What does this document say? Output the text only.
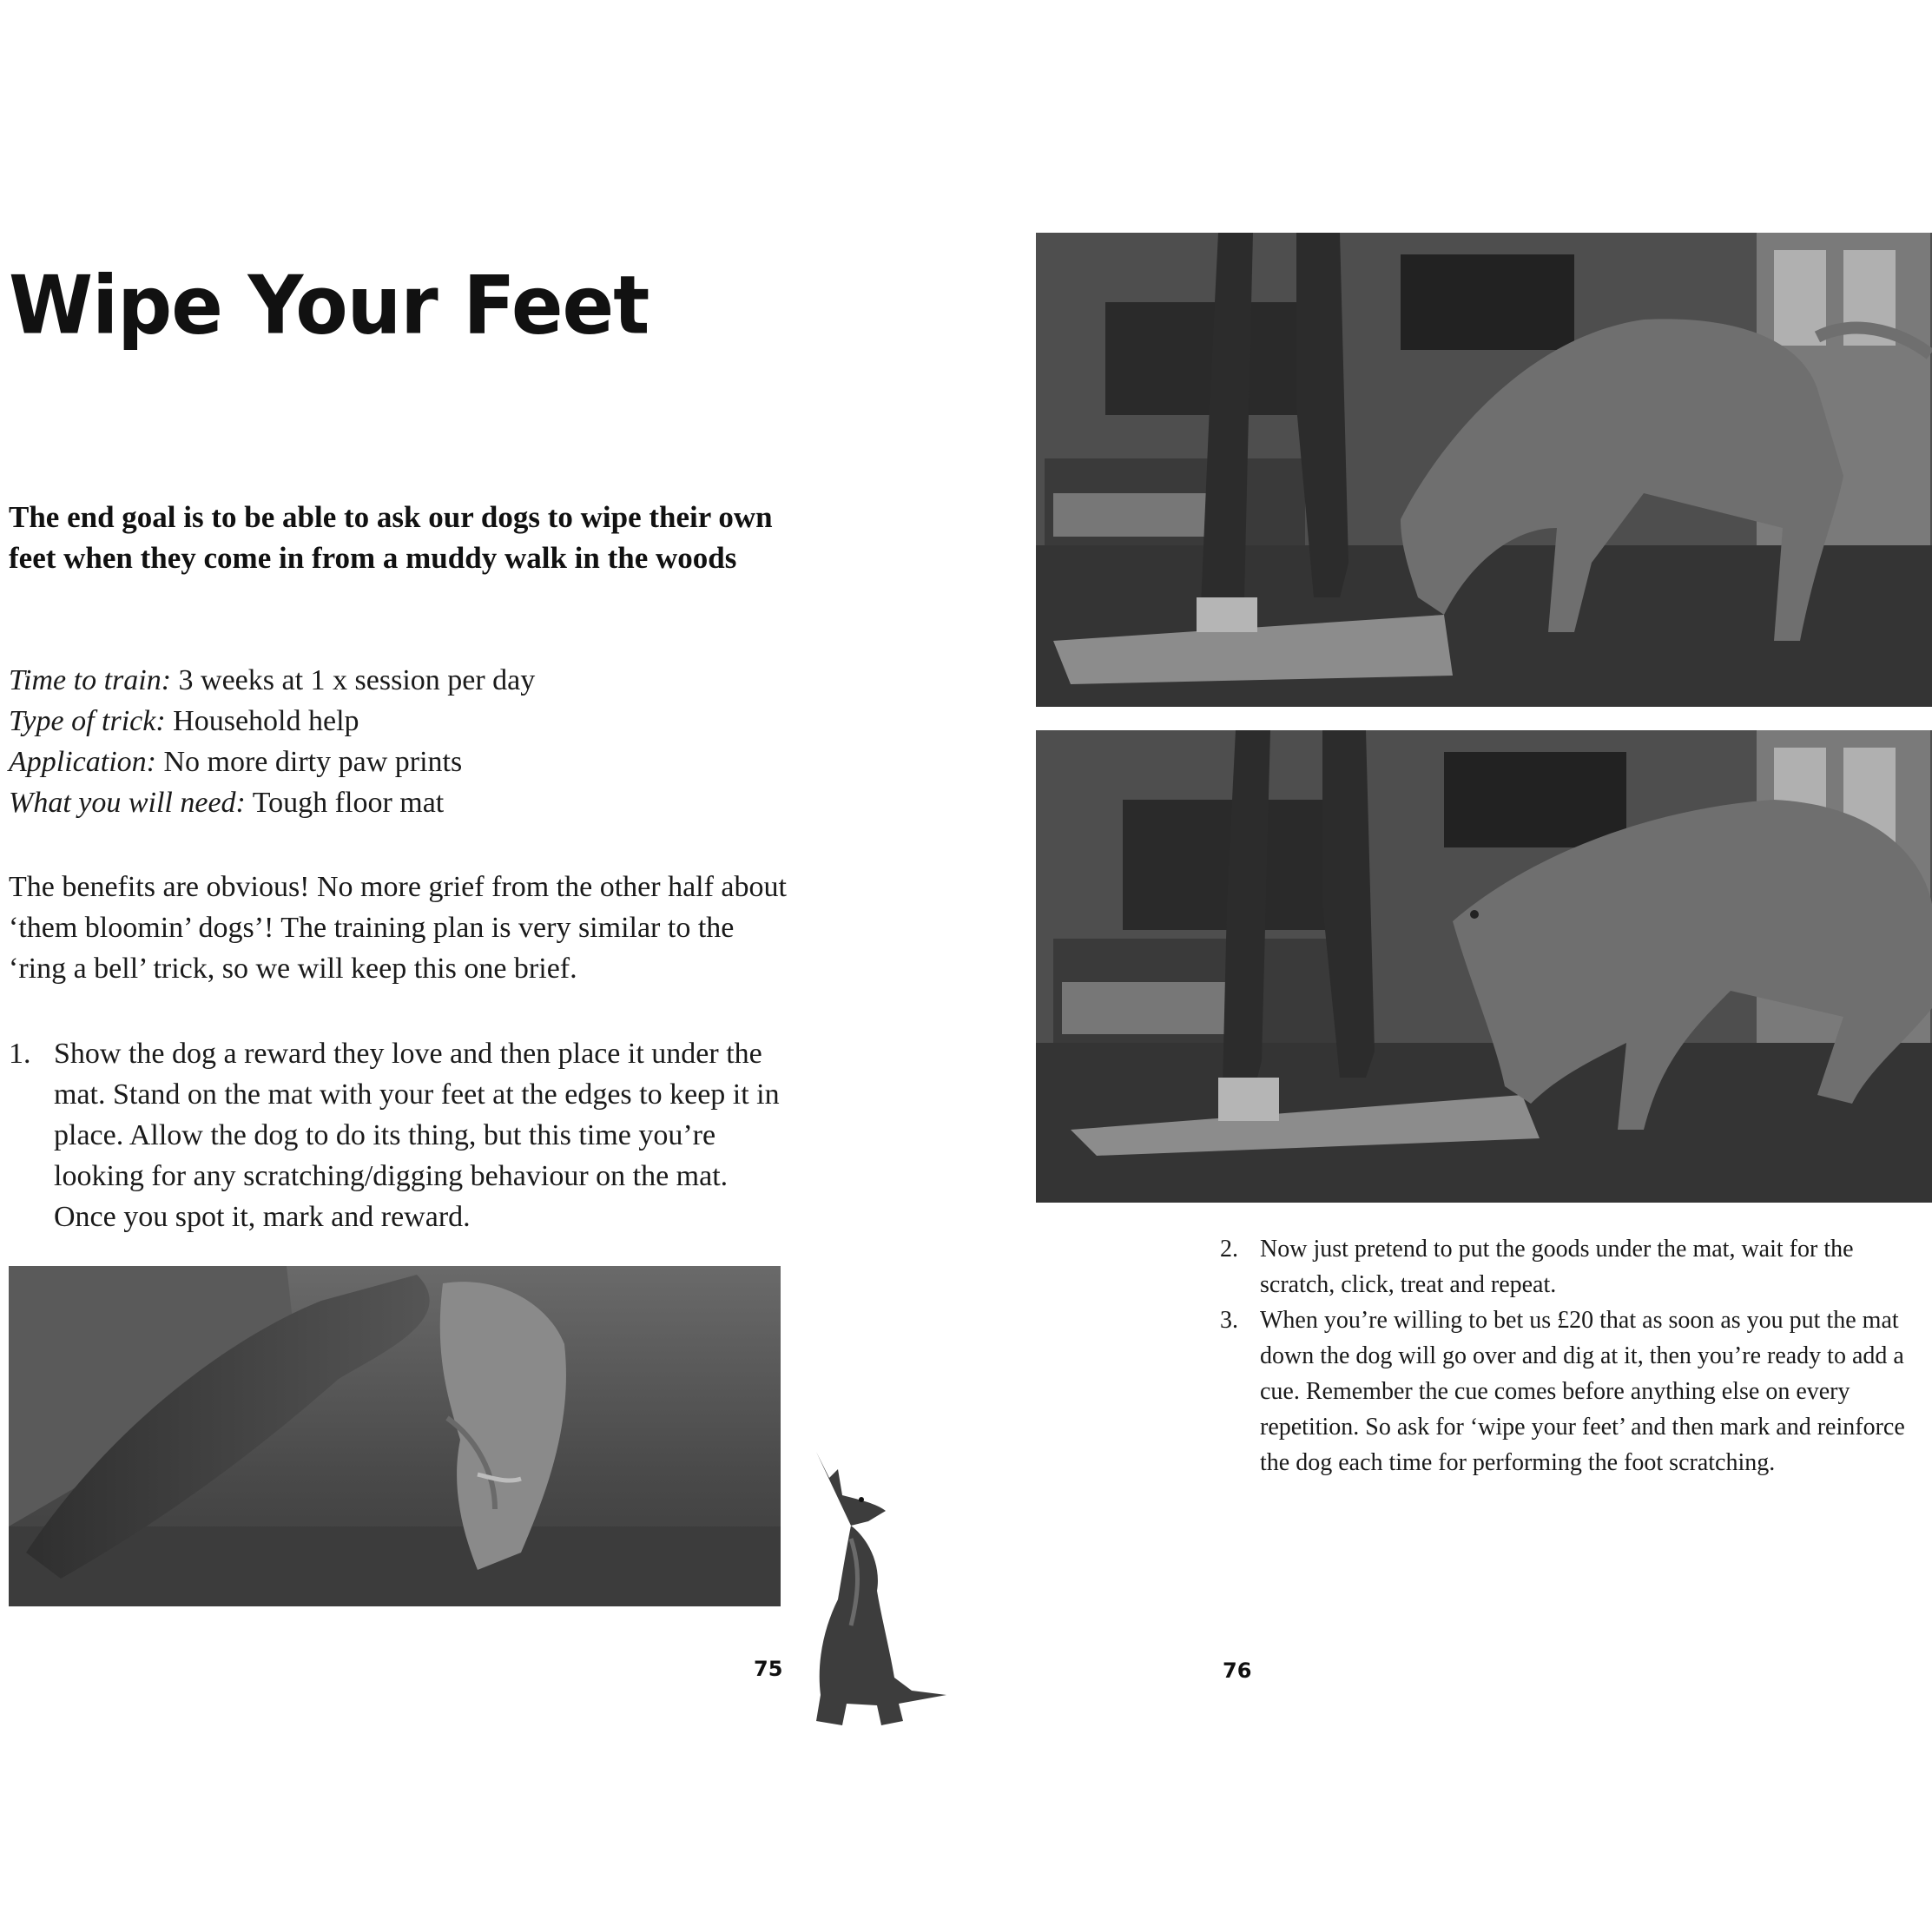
Wipe Your Feet
The end goal is to be able to ask our dogs to wipe their own feet when they come in from a muddy walk in the woods
Time to train: 3 weeks at 1 x session per day
Type of trick: Household help
Application: No more dirty paw prints
What you will need: Tough floor mat
The benefits are obvious! No more grief from the other half about ‘them bloomin’ dogs’! The training plan is very similar to the ‘ring a bell’ trick, so we will keep this one brief.
1. Show the dog a reward they love and then place it under the mat. Stand on the mat with your feet at the edges to keep it in place. Allow the dog to do its thing, but this time you’re looking for any scratching/digging behaviour on the mat. Once you spot it, mark and reward.
75
2. Now just pretend to put the goods under the mat, wait for the scratch, click, treat and repeat.
3. When you’re willing to bet us £20 that as soon as you put the mat down the dog will go over and dig at it, then you’re ready to add a cue. Remember the cue comes before anything else on every repetition. So ask for ‘wipe your feet’ and then mark and reinforce the dog each time for performing the foot scratching.
76
